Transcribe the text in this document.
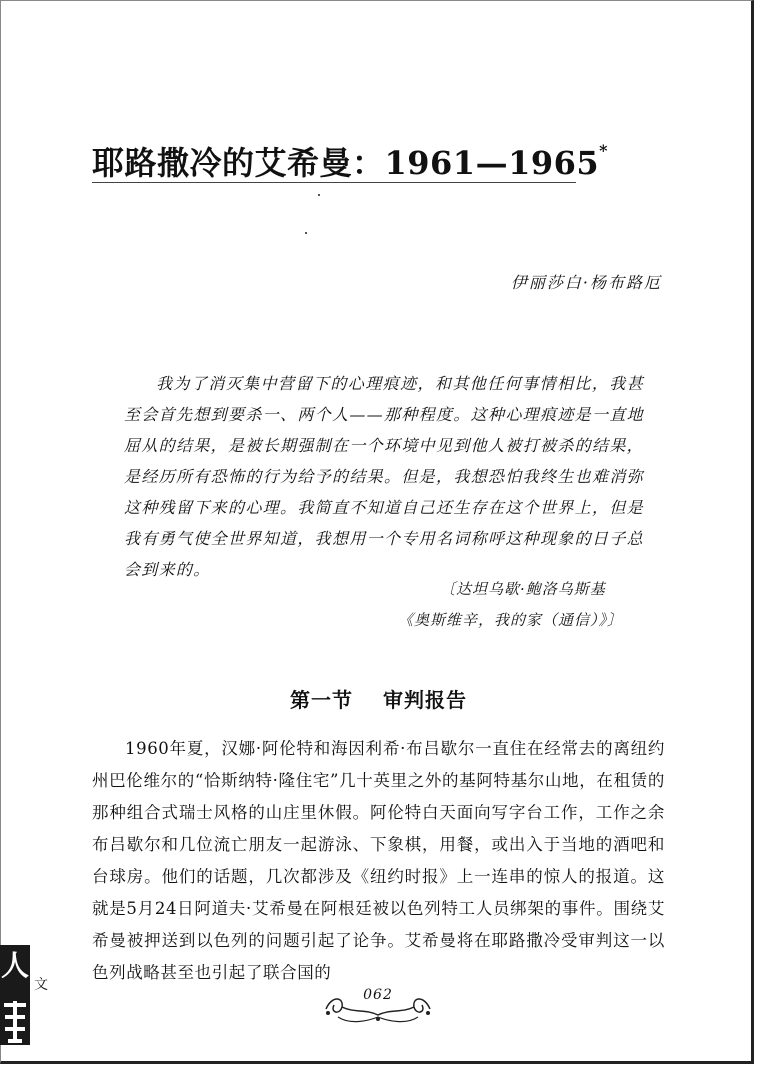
耶路撒冷的艾希曼：1961—1965*
伊丽莎白·杨布路厄

我为了消灭集中营留下的心理痕迹，和其他任何事情相比，我甚至会首先想到要杀一、两个人——那种程度。这种心理痕迹是一直地屈从的结果，是被长期强制在一个环境中见到他人被打被杀的结果，是经历所有恐怖的行为给予的结果。但是，我想恐怕我终生也难消弥这种残留下来的心理。我简直不知道自己还生存在这个世界上，但是我有勇气使全世界知道，我想用一个专用名词称呼这种现象的日子总会到来的。

〔达坦乌歇·鲍洛乌斯基
《奥斯维辛，我的家（通信）》〕
第一节 审判报告

1960年夏，汉娜·阿伦特和海因利希·布吕歇尔一直住在经常去的离纽约州巴伦维尔的“恰斯纳特·隆住宅”几十英里之外的基阿特基尔山地，在租赁的那种组合式瑞士风格的山庄里休假。阿伦特白天面向写字台工作，工作之余布吕歇尔和几位流亡朋友一起游泳、下象棋，用餐，或出入于当地的酒吧和台球房。他们的话题，几次都涉及《纽约时报》上一连串的惊人的报道。这就是5月24日阿道夫·艾希曼在阿根廷被以色列特工人员绑架的事件。围绕艾希曼被押送到以色列的问题引起了论争。艾希曼将在耶路撒冷受审判这一以色列战略甚至也引起了联合国的

人
文
062
